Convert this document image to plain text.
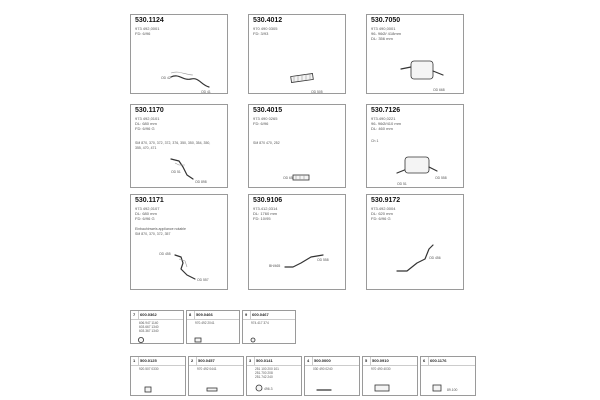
530.1124
973 492,0001
FD: 6/96
OD 42
OD 41
530.4012
970 490 0305
FD: 3/93
OD 505
530.7050
973 490,0001
96- 96Ø/ 418mm
DL: 356 mm
OD 668
530.1170
973 492,0101
DL: 680 mm
FD: 6/96 G
SM 870, 370, 372, 372, 376, 350, 350, 354, 350,
355, 470, 471
OD 51
OD 898
530.4015
973 490 0265
FD: 6/96
SM 870 470, 252
OD 65
530.7126
973.490,0221
96- 96Ø/410 mm
DL: 460 mm
Ch 1
OD 51
OD 558
530.1171
973 492,0107
DL: 680 mm
FD: 6/96 G
Einbauhinweis appliance notable
SM 870, 370, 372, 357
OD 455
OD 557
530.9106
973.412,0314
DL: 1760 mm
FD: 10/95
BH/465
OD 558
530.9172
973.492.0004
DL: 620 mm
FD: 6/96 G
OD 456
7 600.0362
606.947 1140
603.667 1340
603.367 1340
8 509.0466
970.492 2041
9 600.0467
974.417 374
1 500.0125
920.507 0330
2 500.0457
970 492 0441
3 500.0141
251 100 200 101
251.700 208
251.742 240
496.3
4 500.0000
030 490 0240
5 500.0910
970 490 4030
6 600.1176
89.100
